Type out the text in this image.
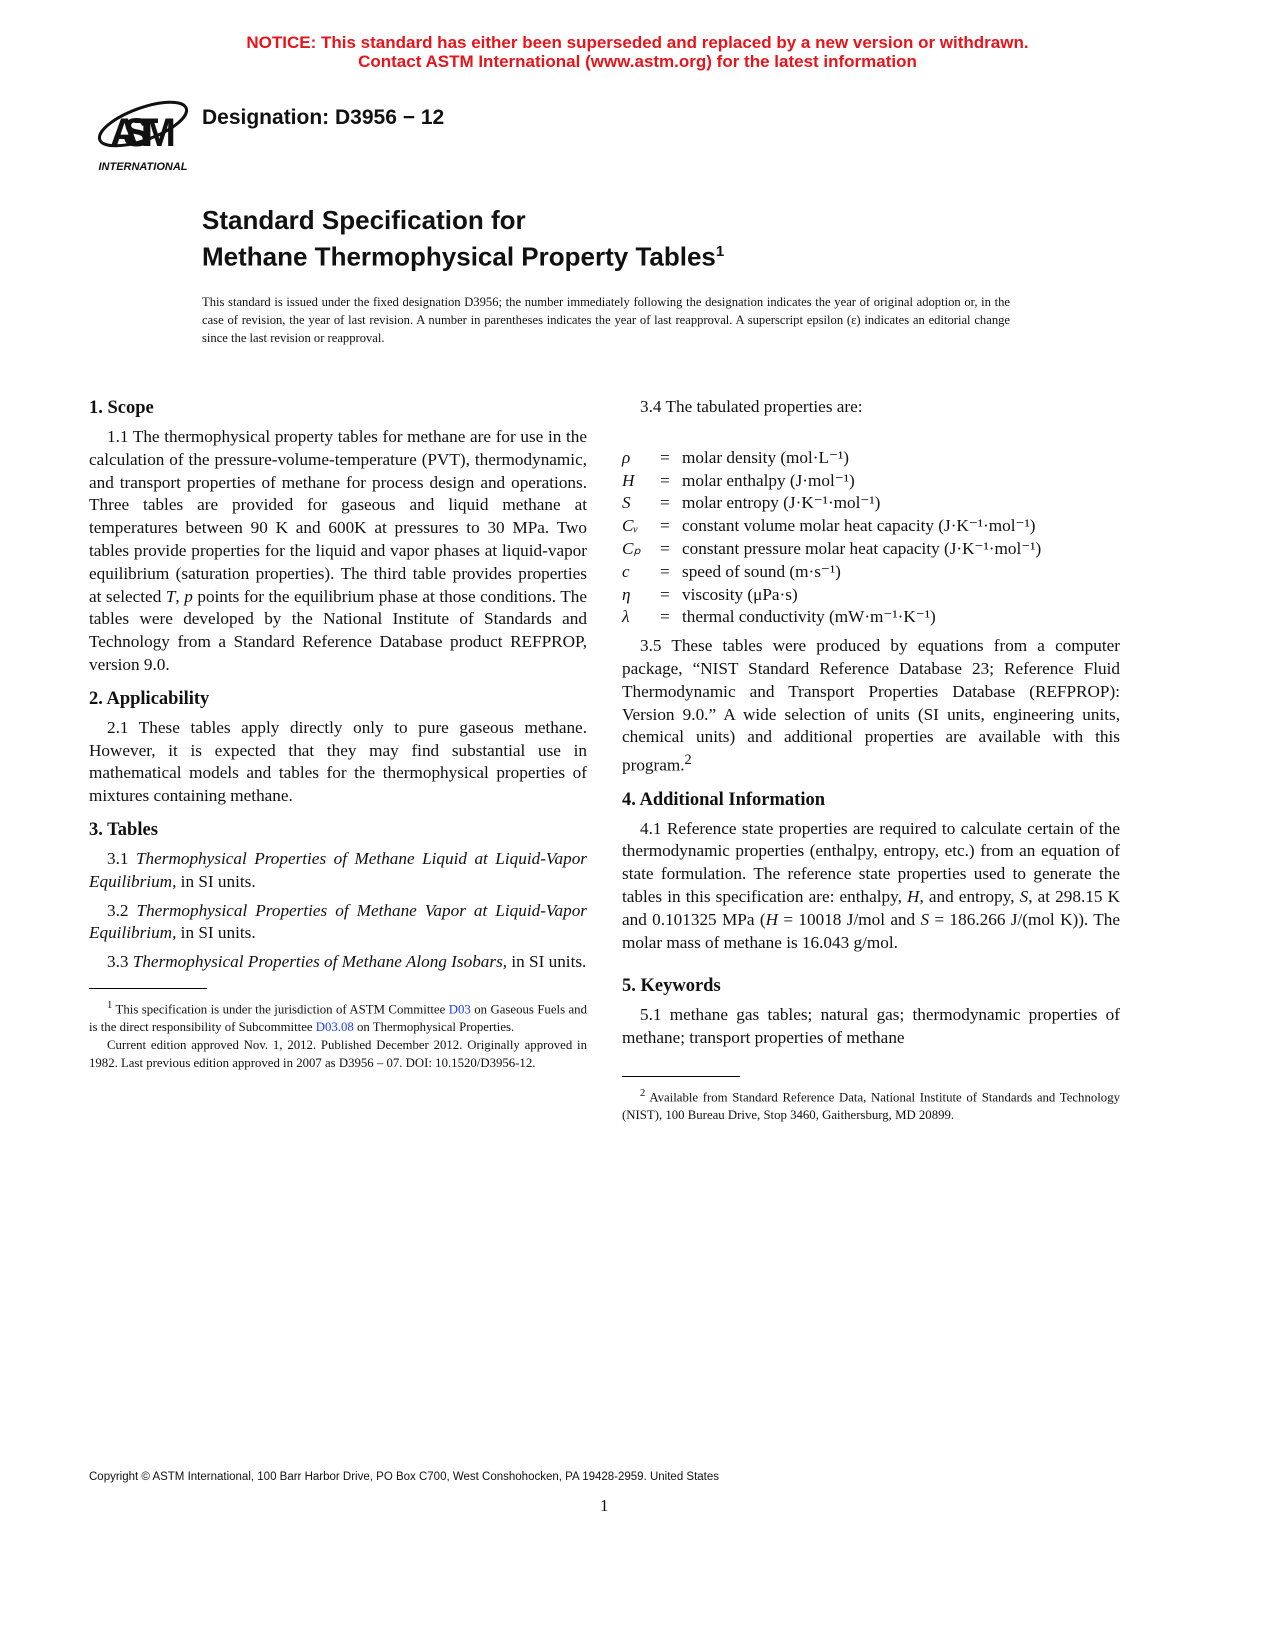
NOTICE: This standard has either been superseded and replaced by a new version or withdrawn.
Contact ASTM International (www.astm.org) for the latest information
ASTM
INTERNATIONAL
Designation: D3956 − 12
Standard Specification for
Methane Thermophysical Property Tables$^1$
This standard is issued under the fixed designation D3956; the number immediately following the designation indicates the year of original adoption or, in the case of revision, the year of last revision. A number in parentheses indicates the year of last reapproval. A superscript epsilon (ε) indicates an editorial change since the last revision or reapproval.
1. Scope

1.1 The thermophysical property tables for methane are for use in the calculation of the pressure-volume-temperature (PVT), thermodynamic, and transport properties of methane for process design and operations. Three tables are provided for gaseous and liquid methane at temperatures between 90 K and 600K at pressures to 30 MPa. Two tables provide properties for the liquid and vapor phases at liquid-vapor equilibrium (saturation properties). The third table provides properties at selected T, p points for the equilibrium phase at those conditions. The tables were developed by the National Institute of Standards and Technology from a Standard Reference Database product REFPROP, version 9.0.

2. Applicability

2.1 These tables apply directly only to pure gaseous methane. However, it is expected that they may find substantial use in mathematical models and tables for the thermophysical properties of mixtures containing methane.

3. Tables

3.1 Thermophysical Properties of Methane Liquid at Liquid-Vapor Equilibrium, in SI units.

3.2 Thermophysical Properties of Methane Vapor at Liquid-Vapor Equilibrium, in SI units.

3.3 Thermophysical Properties of Methane Along Isobars, in SI units.

$^1$ This specification is under the jurisdiction of ASTM Committee D03 on Gaseous Fuels and is the direct responsibility of Subcommittee D03.08 on Thermophysical Properties.

Current edition approved Nov. 1, 2012. Published December 2012. Originally approved in 1982. Last previous edition approved in 2007 as D3956 – 07. DOI: 10.1520/D3956-12.

3.4 The tabulated properties are:

ρ	= molar density (mol·L⁻¹)
H	= molar enthalpy (J·mol⁻¹)
S	= molar entropy (J·K⁻¹·mol⁻¹)
Cᵥ	= constant volume molar heat capacity (J·K⁻¹·mol⁻¹)
Cₚ	= constant pressure molar heat capacity (J·K⁻¹·mol⁻¹)
c	= speed of sound (m·s⁻¹)
η	= viscosity (μPa·s)
λ	= thermal conductivity (mW·m⁻¹·K⁻¹)

3.5 These tables were produced by equations from a computer package, “NIST Standard Reference Database 23; Reference Fluid Thermodynamic and Transport Properties Database (REFPROP): Version 9.0.” A wide selection of units (SI units, engineering units, chemical units) and additional properties are available with this program.$^2$

4. Additional Information

4.1 Reference state properties are required to calculate certain of the thermodynamic properties (enthalpy, entropy, etc.) from an equation of state formulation. The reference state properties used to generate the tables in this specification are: enthalpy, H, and entropy, S, at 298.15 K and 0.101325 MPa (H = 10018 J/mol and S = 186.266 J/(mol K)). The molar mass of methane is 16.043 g/mol.

5. Keywords

5.1 methane gas tables; natural gas; thermodynamic properties of methane; transport properties of methane

$^2$ Available from Standard Reference Data, National Institute of Standards and Technology (NIST), 100 Bureau Drive, Stop 3460, Gaithersburg, MD 20899.

Copyright © ASTM International, 100 Barr Harbor Drive, PO Box C700, West Conshohocken, PA 19428-2959. United States
1
